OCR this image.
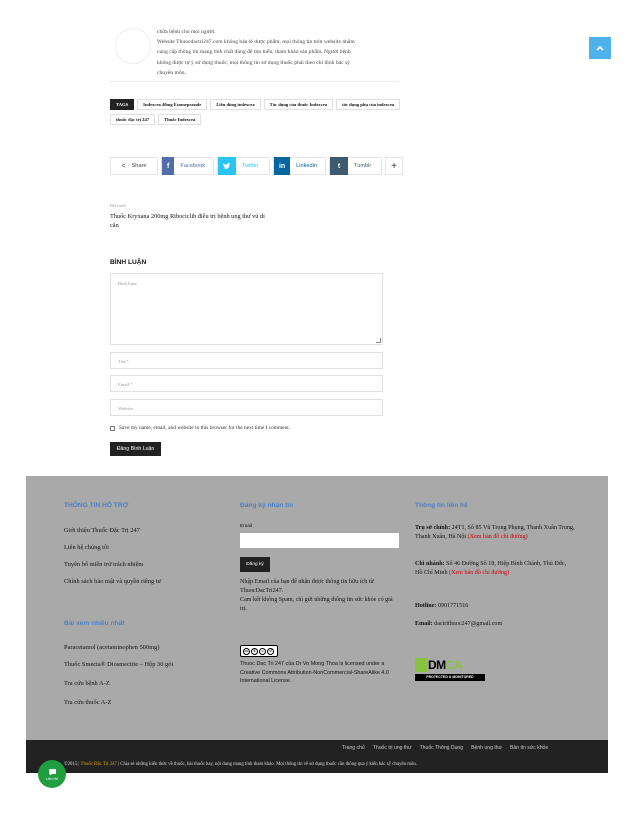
chữa bệnh cho mọi người.
Website Thuocdactri247.com không bán lẻ dược phẩm, mọi thông tin trên website nhằm
cung cấp thông tin mang tính chất dùng để tìm hiểu, tham khảo sản phẩm. Người bệnh
không được tự ý sử dụng thuốc, mọi thông tin sử dụng thuốc phải theo chỉ định bác sỹ
chuyên môn.
TAGS	Indexcea 40mg Esomeprazole	Liều dùng indexcea	Tác dụng của thuốc Indexcea	tác dụng phụ của indexcea
thuốc đặc trị 247	Thuốc Indexcea
< Share	f	Facebook	Twitter	in	Linkedin	t	Tumblr	+
Bài trước
Thuốc Kryxana 200mg Ribociclib điều trị bệnh ung thư vú di căn
BÌNH LUẬN
Bình luận:
Tên:*
Email:*
Website:
Save my name, email, and website in this browser for the next time I comment.
Đăng Bình Luận
THÔNG TIN HỖ TRỢ
Giới thiệu Thuốc Đặc Trị 247
Liên hệ chúng tôi
Tuyên bố miễn trừ trách nhiệm
Chính sách bảo mật và quyền riêng tư
Bài xem nhiều nhất
Paracetamol (acetaminophen 500mg)
Thuốc Smecta® Diosmectite – Hộp 30 gói
Tra cứu bệnh A-Z
Tra cứu thuốc A-Z
Đăng ký nhận tin
Email
Đăng ký
Nhập Email của bạn để nhận được thông tin hữu ích từ ThuocDacTri247.
Cam kết không Spam, chỉ gửi những thông tin sức khỏe có giá trị.
cc	$	=	↺
Thuoc Dac Tri 247 của Dr Vo Mong Thoa is licensed under a Creative Commons Attribution-NonCommercial-ShareAlike 4.0 International License.
Thông tin liên hệ
Trụ sở chính: 24T1, Số 85 Vũ Trọng Phụng, Thanh Xuân Trung, Thanh Xuân, Hà Nội (Xem bản đồ chỉ đường)
Chi nhánh: Số 46 Đường Số 18, Hiệp Bình Chánh, Thủ Đức, Hồ Chí Minh (Xem bản đồ chỉ đường)
Hotline: 0901771516
Email: dactrithuoc247@gmail.com
DMCA
PROTECTED & MONITORED
Trang chủ Thuốc trị ung thư Thuốc Thông Dụng Bệnh ung thư Bản tin sức khỏe
©2015 | Thuốc Đặc Trị 247 | Chia sẻ những kiến thức về thuốc, bài thuốc hay, nội dung mang tính tham khảo. Mọi thông tin về sử dụng thuốc cần thông qua ý kiến bác sỹ chuyên môn.
Liên Hệ
